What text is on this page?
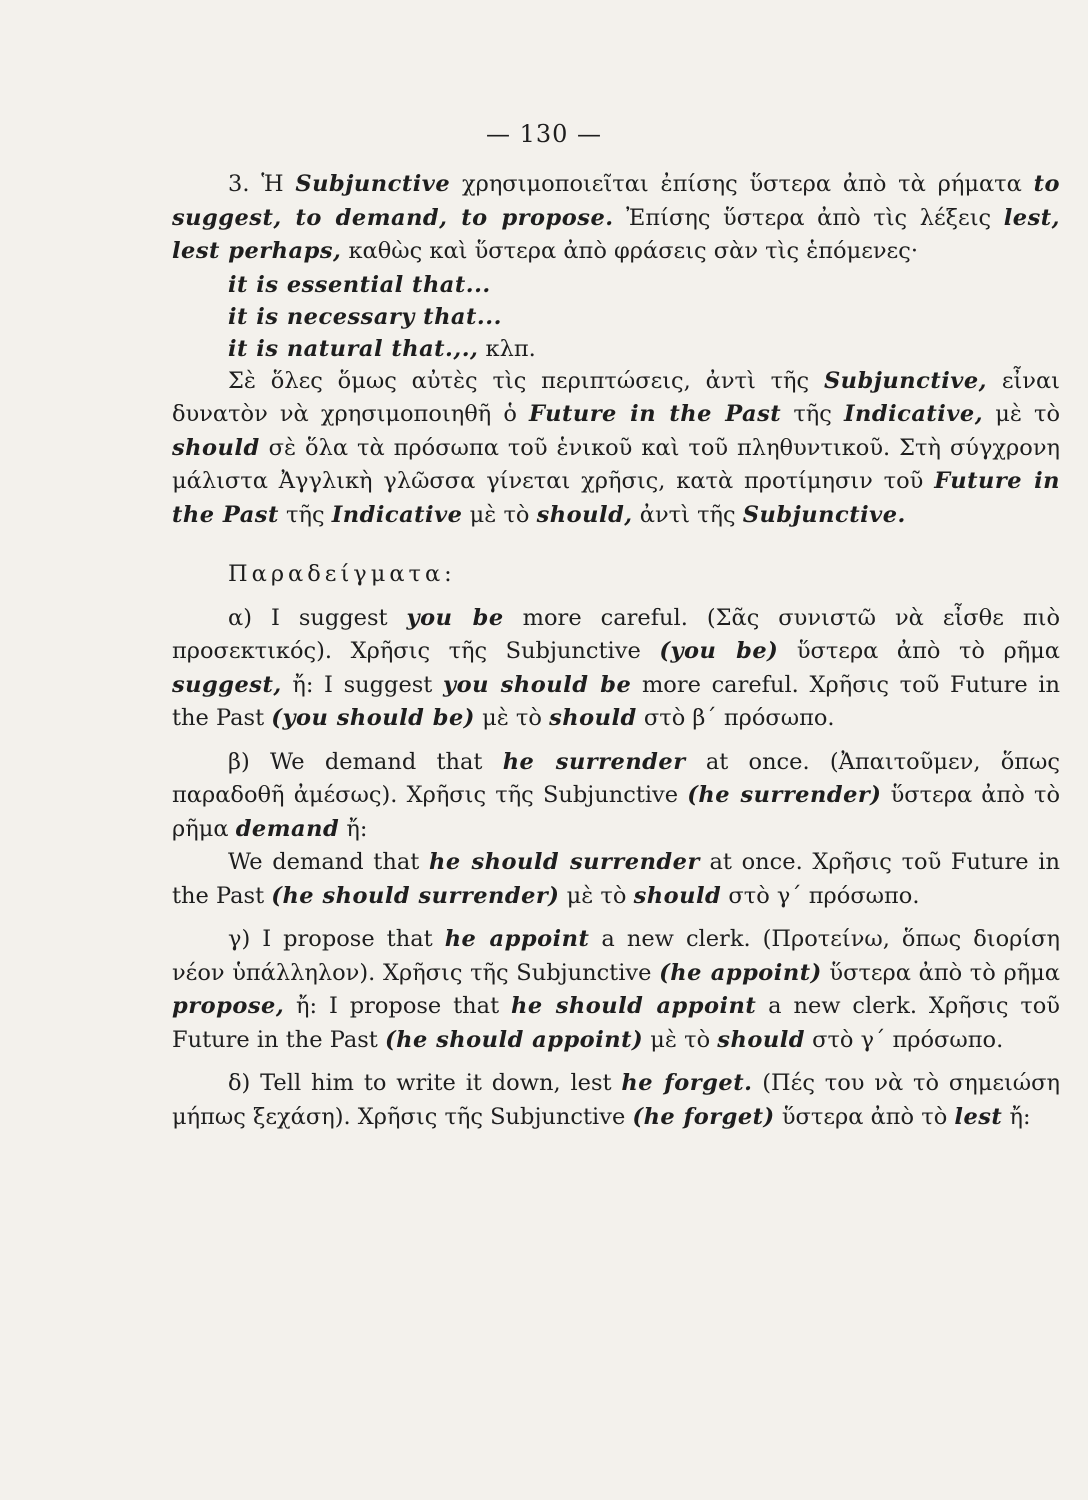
— 130 —

3. Ἡ Subjunctive χρησιμοποιεῖται ἐπίσης ὕστερα ἀπὸ τὰ ρήματα to suggest, to demand, to propose. Ἐπίσης ὕστερα ἀπὸ τὶς λέξεις lest, lest perhaps, καθὼς καὶ ὕστερα ἀπὸ φράσεις σὰν τὶς ἑπόμενες·

it is essential that...
it is necessary that...
it is natural that.,., κλπ.

Σὲ ὅλες ὅμως αὐτὲς τὶς περιπτώσεις, ἀντὶ τῆς Subjunctive, εἶναι δυνατὸν νὰ χρησιμοποιηθῆ ὁ Future in the Past τῆς Indicative, μὲ τὸ should σὲ ὅλα τὰ πρόσωπα τοῦ ἑνικοῦ καὶ τοῦ πληθυντικοῦ. Στὴ σύγχρονη μάλιστα Ἀγγλικὴ γλῶσσα γίνεται χρῆσις, κατὰ προτίμησιν τοῦ Future in the Past τῆς Indicative μὲ τὸ should, ἀντὶ τῆς Subjunctive.

Παραδείγματα:

α) I suggest you be more careful. (Σᾶς συνιστῶ νὰ εἶσθε πιὸ προσεκτικός). Χρῆσις τῆς Subjunctive (you be) ὕστερα ἀπὸ τὸ ρῆμα suggest, ἤ: I suggest you should be more careful. Χρῆσις τοῦ Future in the Past (you should be) μὲ τὸ should στὸ β΄ πρόσωπο.

β) We demand that he surrender at once. (Ἀπαιτοῦμεν, ὅπως παραδοθῆ ἀμέσως). Χρῆσις τῆς Subjunctive (he surrender) ὕστερα ἀπὸ τὸ ρῆμα demand ἤ:

We demand that he should surrender at once. Χρῆσις τοῦ Future in the Past (he should surrender) μὲ τὸ should στὸ γ΄ πρόσωπο.

γ) I propose that he appoint a new clerk. (Προτείνω, ὅπως διορίση νέον ὑπάλληλον). Χρῆσις τῆς Subjunctive (he appoint) ὕστερα ἀπὸ τὸ ρῆμα propose, ἤ: I propose that he should appoint a new clerk. Χρῆσις τοῦ Future in the Past (he should appoint) μὲ τὸ should στὸ γ΄ πρόσωπο.

δ) Tell him to write it down, lest he forget. (Πές του νὰ τὸ σημειώση μήπως ξεχάση). Χρῆσις τῆς Subjunctive (he forget) ὕστερα ἀπὸ τὸ lest ἤ:
